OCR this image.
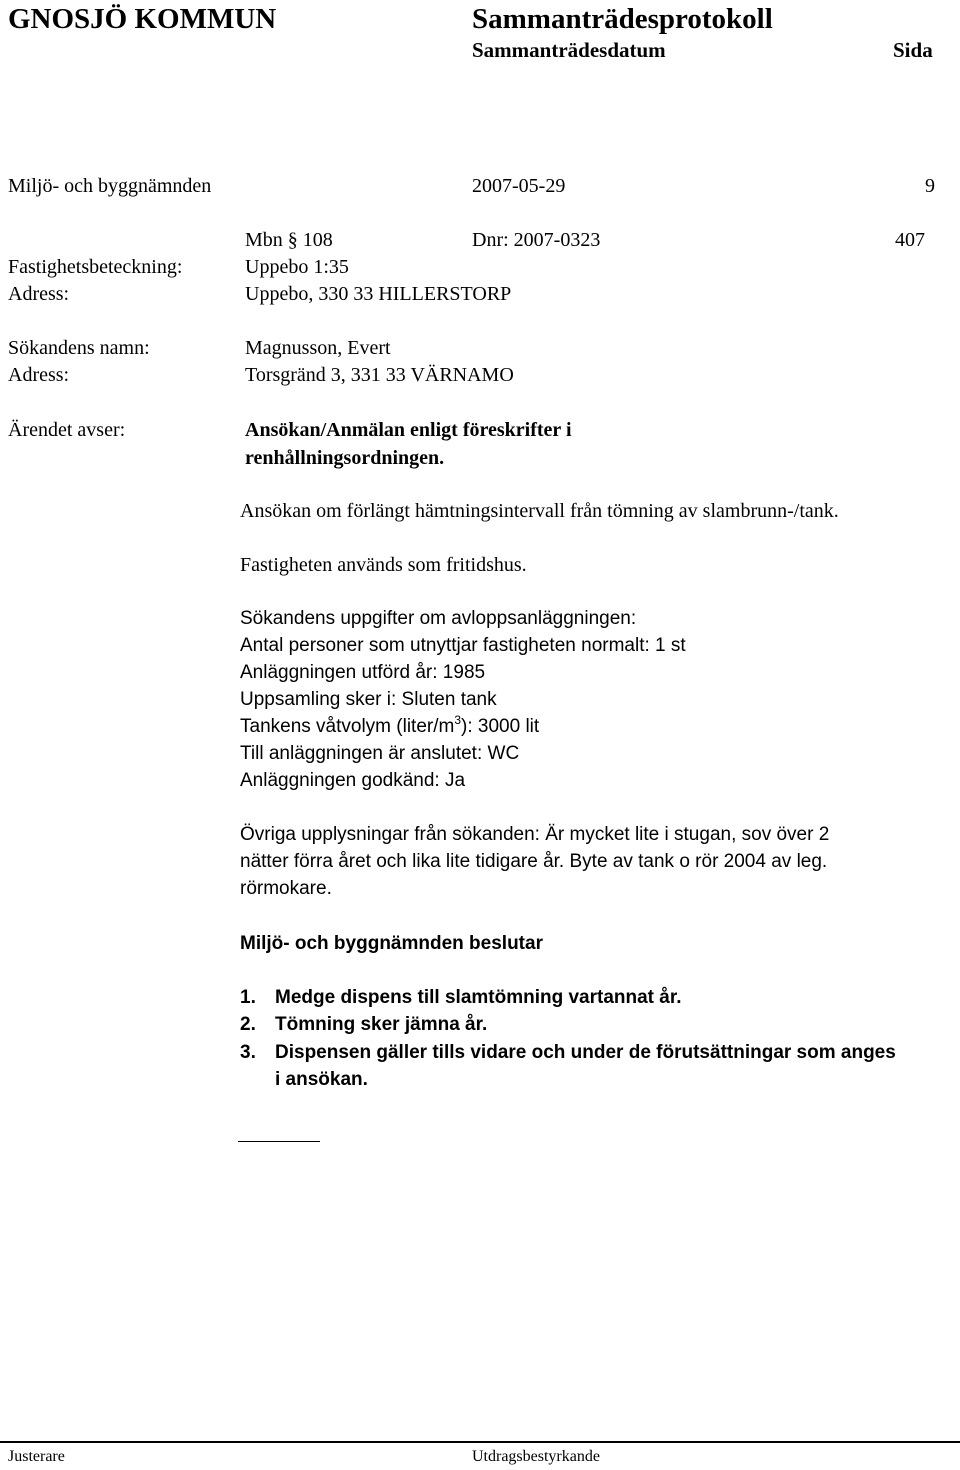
GNOSJÖ KOMMUN	Sammanträdesprotokoll
Sammanträdesdatum	Sida
Miljö- och byggnämnden	2007-05-29	9
Mbn § 108	Dnr: 2007-0323	407
Fastighetsbeteckning:	Uppebo 1:35
Adress:	Uppebo, 330 33 HILLERSTORP
Sökandens namn:	Magnusson, Evert
Adress:	Torsgränd 3, 331 33 VÄRNAMO
Ärendet avser:	Ansökan/Anmälan enligt föreskrifter i
renhållningsordningen.
Ansökan om förlängt hämtningsintervall från tömning av slambrunn-/tank.
Fastigheten används som fritidshus.
Sökandens uppgifter om avloppsanläggningen:
Antal personer som utnyttjar fastigheten normalt: 1 st
Anläggningen utförd år: 1985
Uppsamling sker i: Sluten tank
Tankens våtvolym $(liter/m^3)$: 3000 lit
Till anläggningen är anslutet: WC
Anläggningen godkänd: Ja
Övriga upplysningar från sökanden: Är mycket lite i stugan, sov över 2
nätter förra året och lika lite tidigare år. Byte av tank o rör 2004 av leg.
rörmokare.
Miljö- och byggnämnden beslutar
1. Medge dispens till slamtömning vartannat år.
2. Tömning sker jämna år.
3. Dispensen gäller tills vidare och under de förutsättningar som anges
i ansökan.
Justerare	Utdragsbestyrkande
